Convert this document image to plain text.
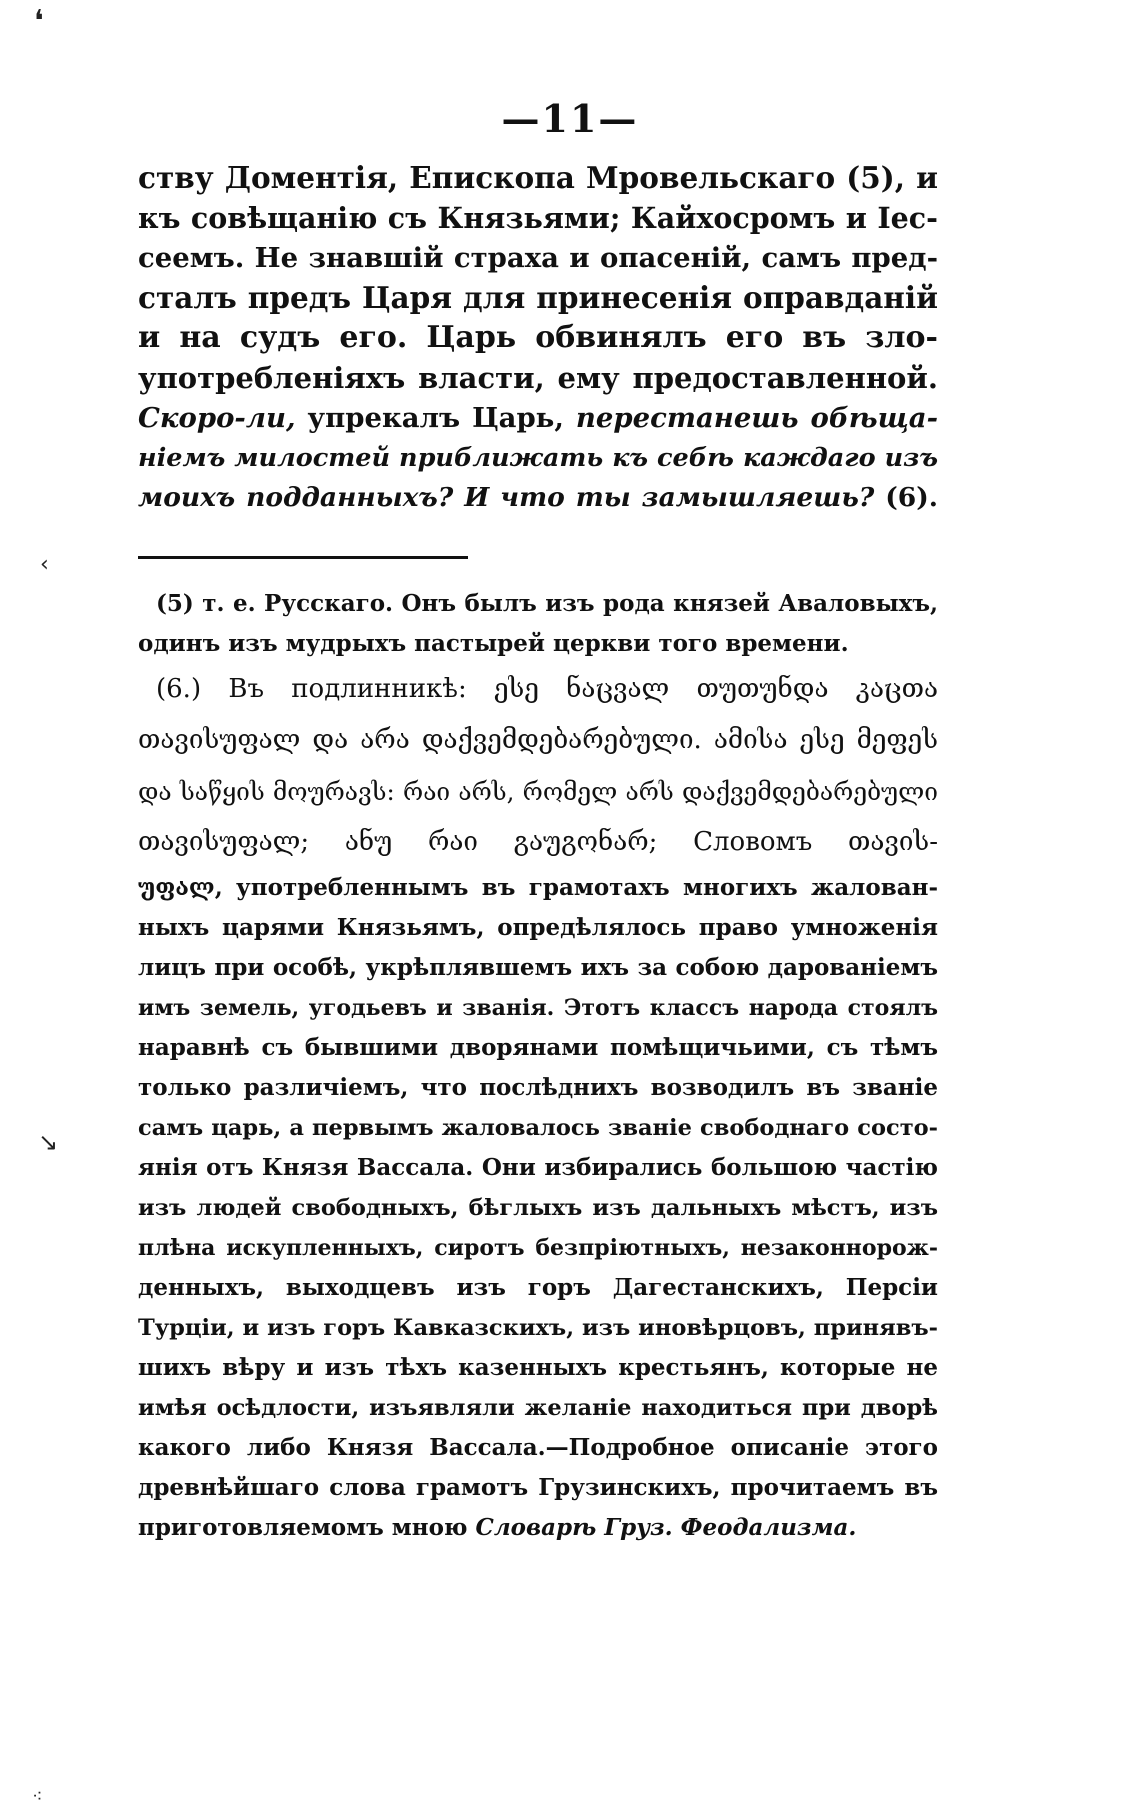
❛
‹
↘
⁖
—11—
ству Доментія, Епископа Мровельскаго (5), и
къ совѣщанію съ Князьями; Кайхосромъ и Іес-
сеемъ. Не знавшій страха и опасеній, самъ пред-
сталъ предъ Царя для принесенія оправданій
и на судъ его. Царь обвинялъ его въ зло-
употребленіяхъ власти, ему предоставленной.
Скоро-ли, упрекалъ Царь, перестанешь обѣща-
ніемъ милостей приближать къ себѣ каждаго изъ
моихъ подданныхъ? И что ты замышляешь? (6).
(5) т. е. Русскаго. Онъ былъ изъ рода князей Аваловыхъ,
одинъ изъ мудрыхъ пастырей церкви того времени.
(6.) Въ подлинникѣ: ესე ნაცვალ თუთუნდა კაცთა
თავისუფალ და არა დაქვემდებარებული. ამისა ესე მეფეს
და საწყის მოურავს: რაი არს, რომელ არს დაქვემდებარებული
თავისუფალ; ანუ რაი გაუგონარ; Словомъ თავის-
უფალ, употребленнымъ въ грамотахъ многихъ жалован-
ныхъ царями Князьямъ, опредѣлялось право умноженія
лицъ при особѣ, укрѣплявшемъ ихъ за собою дарованіемъ
имъ земель, угодьевъ и званія. Этотъ классъ народа стоялъ
наравнѣ съ бывшими дворянами помѣщичьими, съ тѣмъ
только различіемъ, что послѣднихъ возводилъ въ званіе
самъ царь, а первымъ жаловалось званіе свободнаго состо-
янія отъ Князя Вассала. Они избирались большою частію
изъ людей свободныхъ, бѣглыхъ изъ дальныхъ мѣстъ, изъ
плѣна искупленныхъ, сиротъ безпріютныхъ, незаконнорож-
денныхъ, выходцевъ изъ горъ Дагестанскихъ, Персіи
Турціи, и изъ горъ Кавказскихъ, изъ иновѣрцовъ, принявъ-
шихъ вѣру и изъ тѣхъ казенныхъ крестьянъ, которые не
имѣя осѣдлости, изъявляли желаніе находиться при дворѣ
какого либо Князя Вассала.—Подробное описаніе этого
древнѣйшаго слова грамотъ Грузинскихъ, прочитаемъ въ
приготовляемомъ мною Словарѣ Груз. Феодализма.
